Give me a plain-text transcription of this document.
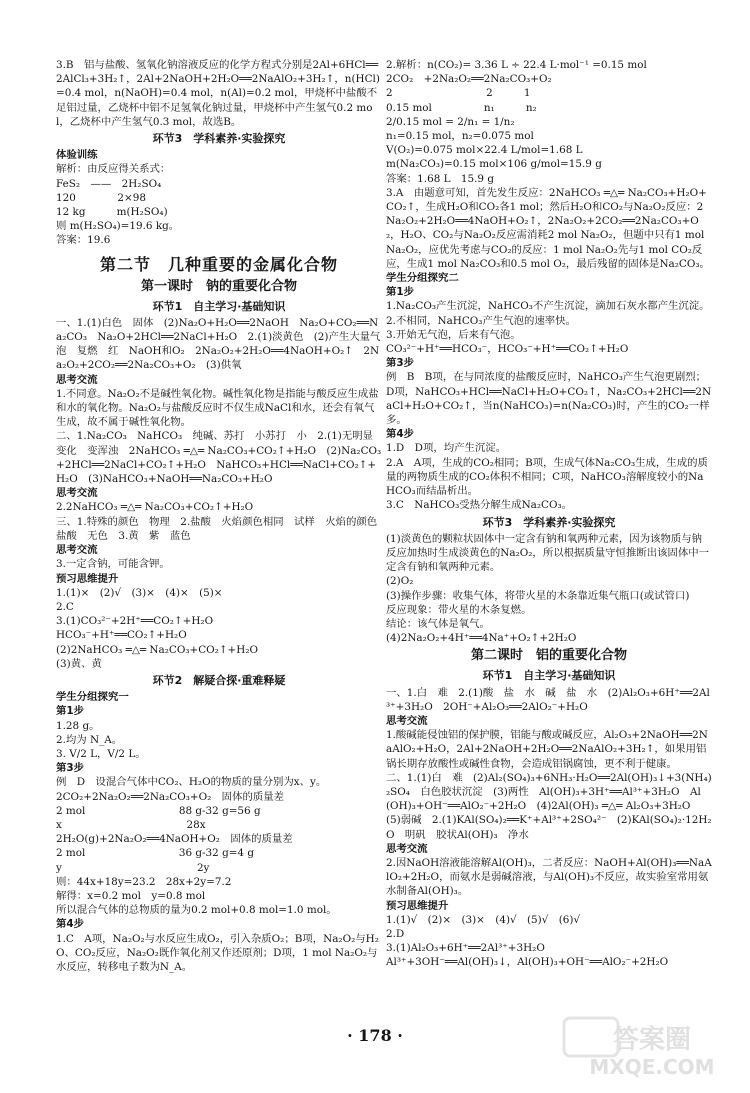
3.B　铝与盐酸、氢氧化钠溶液反应的化学方程式分别是2Al+6HCl══2AlCl₃+3H₂↑，2Al+2NaOH+2H₂O══2NaAlO₂+3H₂↑，n(HCl)=0.4 mol，n(NaOH)=0.4 mol，n(Al)=0.2 mol，甲烧杯中盐酸不足铝过量，乙烧杯中铝不足氢氧化钠过量，甲烧杯中产生氢气0.2 mol，乙烧杯中产生氢气0.3 mol，故选B。
环节3　学科素养·实验探究
体验训练
解析：由反应得关系式：
FeS₂　——　2H₂SO₄
120　　　　2×98
12 kg　　　m(H₂SO₄)
则 m(H₂SO₄)=19.6 kg。
答案：19.6
第二节　几种重要的金属化合物
第一课时　钠的重要化合物
环节1　自主学习·基础知识
一、1.(1)白色　固体　(2)Na₂O+H₂O══2NaOH　Na₂O+CO₂══Na₂CO₃　Na₂O+2HCl══2NaCl+H₂O　2.(1)淡黄色　(2)产生大量气泡　复燃　红　NaOH和O₂　2Na₂O₂+2H₂O══4NaOH+O₂↑　2Na₂O₂+2CO₂══2Na₂CO₃+O₂　(3)供氧
思考交流
1.不同意。Na₂O₂不是碱性氧化物。碱性氧化物是指能与酸反应生成盐和水的氧化物。Na₂O₂与盐酸反应时不仅生成NaCl和水，还会有氧气生成，故不属于碱性氧化物。
二、1.Na₂CO₃　NaHCO₃　纯碱、苏打　小苏打　小　2.(1)无明显变化　变浑浊　2NaHCO₃ ═△═ Na₂CO₃+CO₂↑+H₂O　(2)Na₂CO₃+2HCl══2NaCl+CO₂↑+H₂O　NaHCO₃+HCl══NaCl+CO₂↑+H₂O　(3)NaHCO₃+NaOH══Na₂CO₃+H₂O
思考交流
2.2NaHCO₃ ═△═ Na₂CO₃+CO₂↑+H₂O
三、1.特殊的颜色　物理　2.盐酸　火焰颜色相同　试样　火焰的颜色　盐酸　无色　3.黄　紫　蓝色
思考交流
3.一定含钠，可能含钾。
预习思维提升
1.(1)×　(2)√　(3)×　(4)×　(5)×
2.C
3.(1)CO₃²⁻+2H⁺══CO₂↑+H₂O
HCO₃⁻+H⁺══CO₂↑+H₂O
(2)2NaHCO₃ ═△═ Na₂CO₃+CO₂↑+H₂O
(3)黄、黄
环节2　解疑合探·重难释疑
学生分组探究一
第1步
1.28 g。
2.均为 N_A。
3. V/2 L，V/2 L。
第3步
例　D　设混合气体中CO₂、H₂O的物质的量分别为x、y。
2CO₂+2Na₂O₂══2Na₂CO₃+O₂　固体的质量差
2 mol　　　　　　　　　88 g-32 g=56 g
x　　　　　　　　　　　　28x
2H₂O(g)+2Na₂O₂══4NaOH+O₂　固体的质量差
2 mol　　　　　　　　　36 g-32 g=4 g
y　　　　　　　　　　　　　2y
则：44x+18y=23.2　28x+2y=7.2
解得：x=0.2 mol　y=0.8 mol
所以混合气体的总物质的量为0.2 mol+0.8 mol=1.0 mol。
第4步
1.C　A项，Na₂O₂与水反应生成O₂，引入杂质O₂；B项，Na₂O₂与H₂O、CO₂反应，Na₂O₂既作氧化剂又作还原剂；D项，1 mol Na₂O₂与水反应，转移电子数为N_A。
2.解析：n(CO₂)= 3.36 L ÷ 22.4 L·mol⁻¹ =0.15 mol
2CO₂　+2Na₂O₂══2Na₂CO₃+O₂
2　　　　　　　　　2　　　1
0.15 mol　　　　　n₁　　　n₂
2/0.15 mol = 2/n₁ = 1/n₂
n₁=0.15 mol，n₂=0.075 mol
V(O₂)=0.075 mol×22.4 L/mol=1.68 L
m(Na₂CO₃)=0.15 mol×106 g/mol=15.9 g
答案：1.68 L　15.9 g
3.A　由题意可知，首先发生反应：2NaHCO₃ ═△═ Na₂CO₃+H₂O+CO₂↑，生成H₂O和CO₂各1 mol；然后H₂O和CO₂与Na₂O₂反应：2Na₂O₂+2H₂O══4NaOH+O₂↑，2Na₂O₂+2CO₂══2Na₂CO₃+O₂，H₂O、CO₂与Na₂O₂反应需消耗2 mol Na₂O₂，但题中只有1 mol Na₂O₂，应优先考虑与CO₂的反应：1 mol Na₂O₂先与1 mol CO₂反应，生成1 mol Na₂CO₃和0.5 mol O₂，最后残留的固体是Na₂CO₃。
学生分组探究二
第1步
1.Na₂CO₃产生沉淀，NaHCO₃不产生沉淀，滴加石灰水都产生沉淀。
2.不相同，NaHCO₃产生气泡的速率快。
3.开始无气泡，后来有气泡。
CO₃²⁻+H⁺══HCO₃⁻，HCO₃⁻+H⁺══CO₂↑+H₂O
第3步
例　B　B项，在与同浓度的盐酸反应时，NaHCO₃产生气泡更剧烈；D项，NaHCO₃+HCl══NaCl+H₂O+CO₂↑，Na₂CO₃+2HCl══2NaCl+H₂O+CO₂↑，当n(NaHCO₃)=n(Na₂CO₃)时，产生的CO₂一样多。
第4步
1.D　D项，均产生沉淀。
2.A　A项，生成的CO₂相同；B项，生成气体Na₂CO₃生成，生成的质量的两物质生成的CO₂体积不相同；C项，NaHCO₃溶解度较小的NaHCO₃而结晶析出。
3.C　NaHCO₃受热分解生成Na₂CO₃。
环节3　学科素养·实验探究
(1)淡黄色的颗粒状固体中一定含有钠和氧两种元素，因为该物质与钠反应加热时生成淡黄色的Na₂O₂，所以根据质量守恒推断出该固体中一定含有钠和氧两种元素。
(2)O₂
(3)操作步骤：收集气体，将带火星的木条靠近集气瓶口(或试管口)
反应现象：带火星的木条复燃。
结论：该气体是氧气。
(4)2Na₂O₂+4H⁺══4Na⁺+O₂↑+2H₂O
第二课时　铝的重要化合物
环节1　自主学习·基础知识
一、1.白　难　2.(1)酸　盐　水　碱　盐　水　(2)Al₂O₃+6H⁺══2Al³⁺+3H₂O　2OH⁻+Al₂O₃══2AlO₂⁻+H₂O
思考交流
1.酸碱能侵蚀铝的保护膜，铝能与酸或碱反应，Al₂O₃+2NaOH══2NaAlO₂+H₂O，2Al+2NaOH+2H₂O══2NaAlO₂+3H₂↑，如果用铝锅长期存放酸性或碱性食物，会造成铝锅腐蚀，更不利于健康。
二、1.(1)白　难　(2)Al₂(SO₄)₃+6NH₃·H₂O══2Al(OH)₃↓+3(NH₄)₂SO₄　白色胶状沉淀　(3)两性　Al(OH)₃+3H⁺══Al³⁺+3H₂O　Al(OH)₃+OH⁻══AlO₂⁻+2H₂O　(4)2Al(OH)₃ ═△═ Al₂O₃+3H₂O　(5)弱碱　2.(1)KAl(SO₄)₂══K⁺+Al³⁺+2SO₄²⁻　(2)KAl(SO₄)₂·12H₂O　明矾　胶状Al(OH)₃　净水
思考交流
2.因NaOH溶液能溶解Al(OH)₃，二者反应：NaOH+Al(OH)₃══NaAlO₂+2H₂O，而氨水是弱碱溶液，与Al(OH)₃不反应，故实验室常用氨水制备Al(OH)₃。
预习思维提升
1.(1)√　(2)×　(3)×　(4)√　(5)√　(6)√
2.D
3.(1)Al₂O₃+6H⁺══2Al³⁺+3H₂O
Al³⁺+3OH⁻══Al(OH)₃↓，Al(OH)₃+OH⁻══AlO₂⁻+2H₂O
· 178 ·	答案圈
MXQE.COM
